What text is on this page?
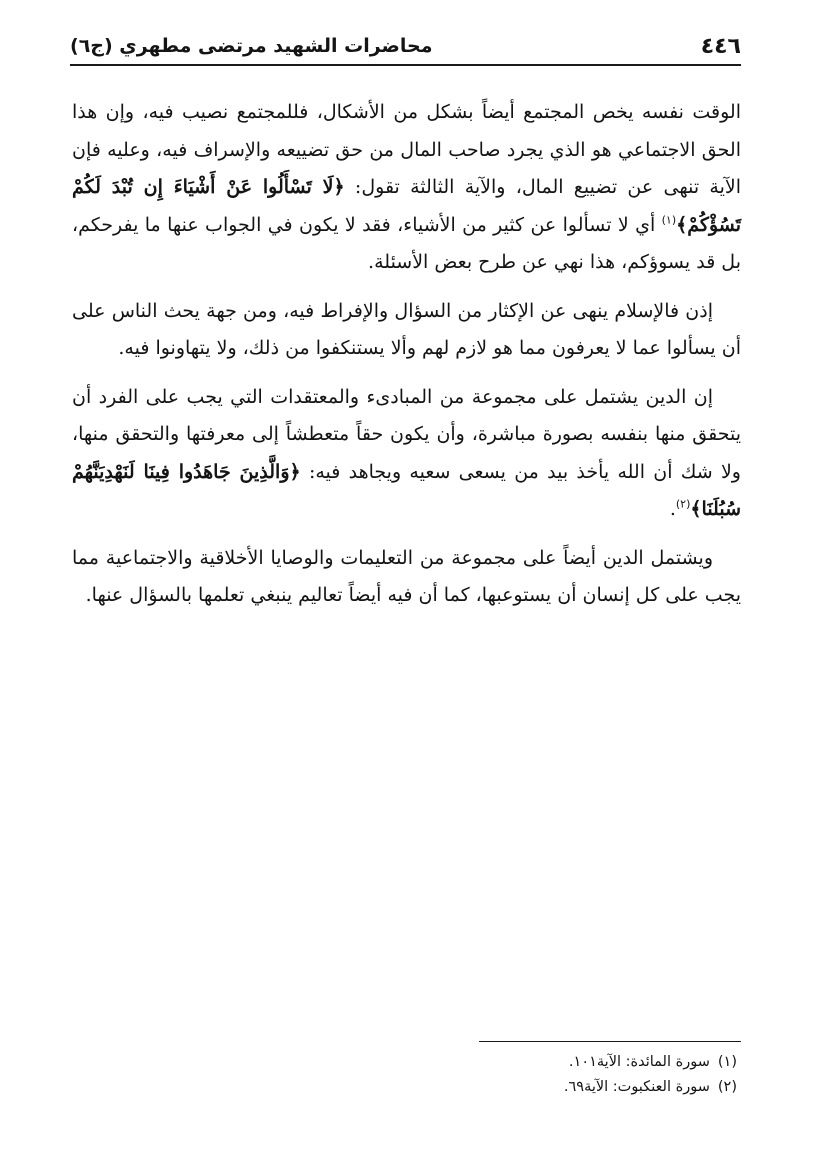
٤٤٦
محاضرات الشهيد مرتضى مطهري (ج٦)

الوقت نفسه يخص المجتمع أيضاً بشكل من الأشكال، فللمجتمع نصيب فيه، وإن هذا الحق الاجتماعي هو الذي يجرد صاحب المال من حق تضييعه والإسراف فيه، وعليه فإن الآية تنهى عن تضييع المال، والآية الثالثة تقول: ﴿لَا تَسْأَلُوا عَنْ أَشْيَاءَ إِن تُبْدَ لَكُمْ تَسُؤْكُمْ﴾$^{(١)}$ أي لا تسألوا عن كثير من الأشياء، فقد لا يكون في الجواب عنها ما يفرحكم، بل قد يسوؤكم، هذا نهي عن طرح بعض الأسئلة.

إذن فالإسلام ينهى عن الإكثار من السؤال والإفراط فيه، ومن جهة يحث الناس على أن يسألوا عما لا يعرفون مما هو لازم لهم وألا يستنكفوا من ذلك، ولا يتهاونوا فيه.

إن الدين يشتمل على مجموعة من المبادىء والمعتقدات التي يجب على الفرد أن يتحقق منها بنفسه بصورة مباشرة، وأن يكون حقاً متعطشاً إلى معرفتها والتحقق منها، ولا شك أن الله يأخذ بيد من يسعى سعيه ويجاهد فيه: ﴿وَالَّذِينَ جَاهَدُوا فِينَا لَنَهْدِيَنَّهُمْ سُبُلَنَا﴾$^{(٢)}$.

ويشتمل الدين أيضاً على مجموعة من التعليمات والوصايا الأخلاقية والاجتماعية مما يجب على كل إنسان أن يستوعبها، كما أن فيه أيضاً تعاليم ينبغي تعلمها بالسؤال عنها.

(١)سورة المائدة: الآية١٠١.
(٢)سورة العنكبوت: الآية٦٩.
